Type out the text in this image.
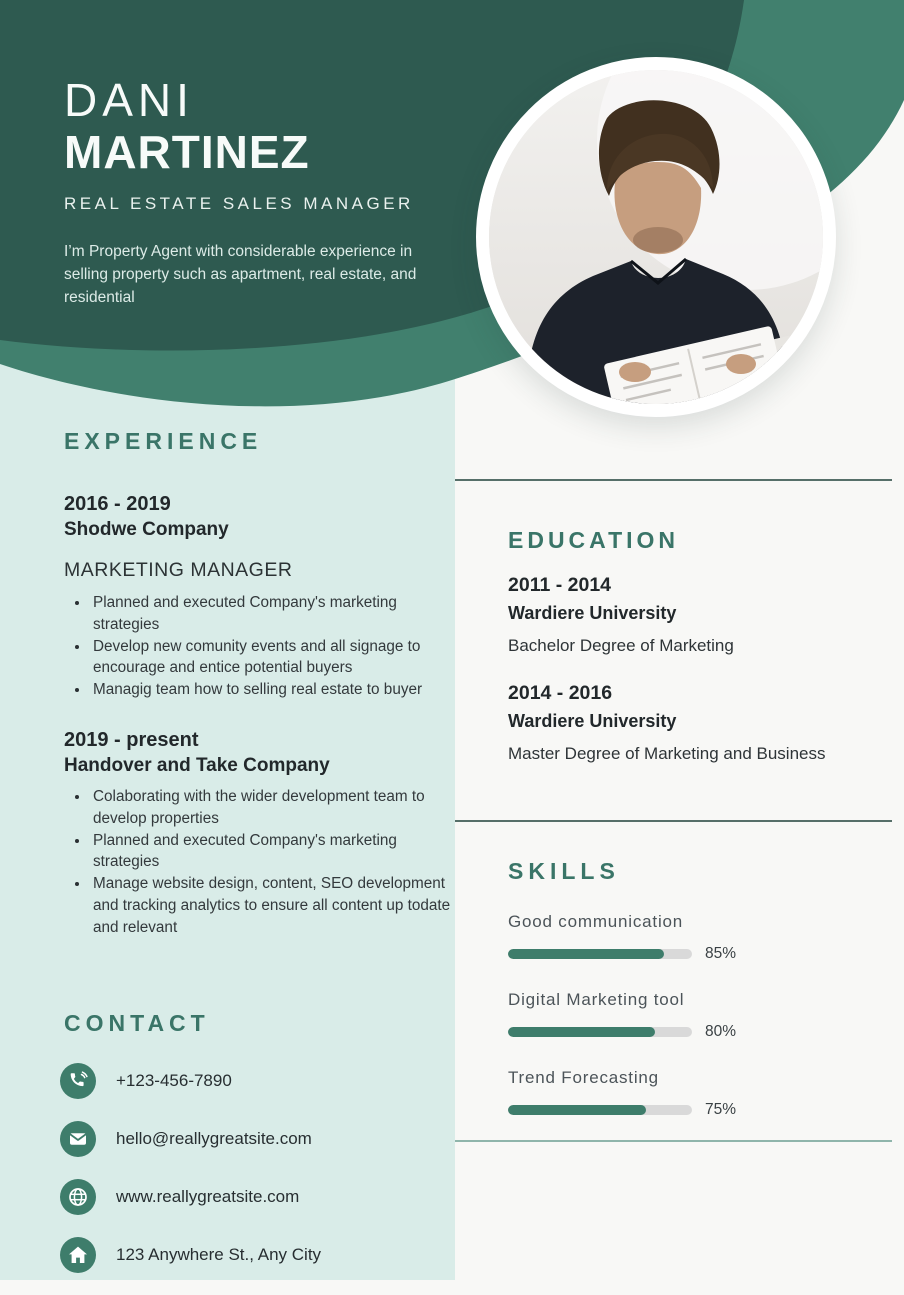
DANI
MARTINEZ
REAL ESTATE SALES MANAGER
I’m Property Agent with considerable experience in selling property such as apartment, real estate, and residential
EXPERIENCE
2016 - 2019
Shodwe Company
MARKETING MANAGER
• Planned and executed Company's marketing strategies
• Develop new comunity events and all signage to encourage and entice potential buyers
• Managig team how to selling real estate to buyer
2019 - present
Handover and Take Company
• Colaborating with the wider development team to develop properties
• Planned and executed Company's marketing strategies
• Manage website design, content, SEO development and tracking analytics to ensure all content up todate and relevant
CONTACT
+123-456-7890
hello@reallygreatsite.com
www.reallygreatsite.com
123 Anywhere St., Any City
EDUCATION
2011 - 2014
Wardiere University
Bachelor Degree of Marketing
2014 - 2016
Wardiere University
Master Degree of Marketing and Business
SKILLS
Good communication
85%
Digital Marketing tool
80%
Trend Forecasting
75%
